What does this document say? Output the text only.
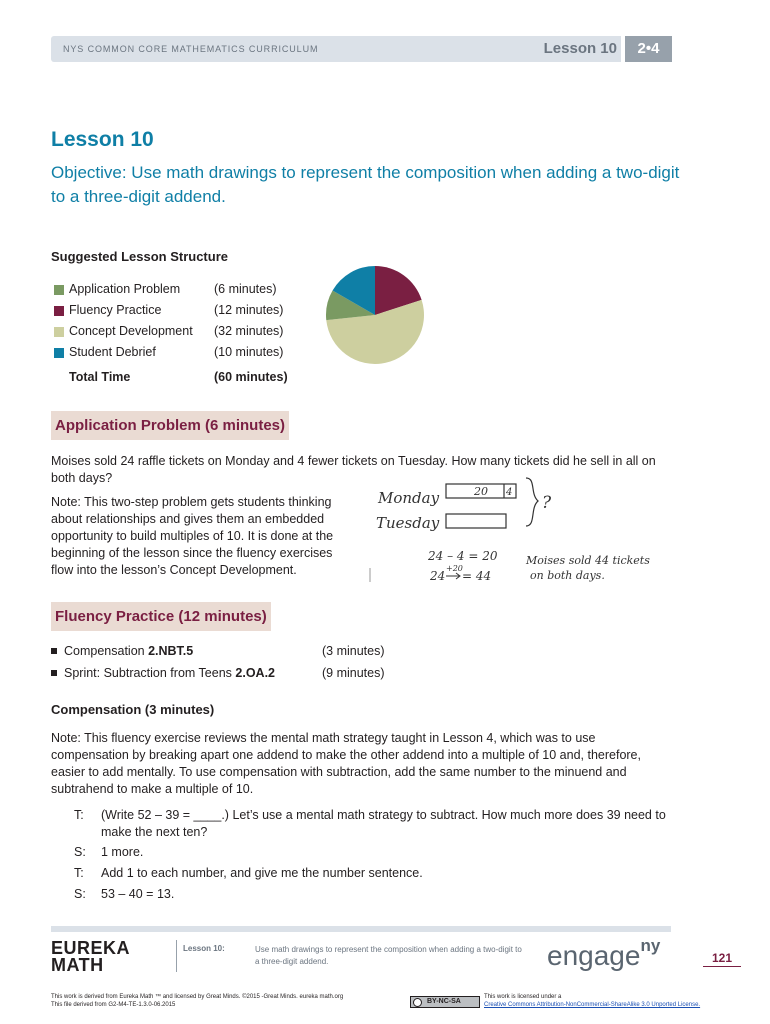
NYS COMMON CORE MATHEMATICS CURRICULUM	Lesson 10	2•4
Lesson 10
Objective: Use math drawings to represent the composition when adding a two-digit to a three-digit addend.
Suggested Lesson Structure
Application Problem	(6 minutes)
Fluency Practice	(12 minutes)
Concept Development (32 minutes)
Student Debrief	(10 minutes)
Total Time	(60 minutes)
Application Problem (6 minutes)
Moises sold 24 raffle tickets on Monday and 4 fewer tickets on Tuesday. How many tickets did he sell in all on both days?
Note: This two-step problem gets students thinking about relationships and gives them an embedded opportunity to build multiples of 10. It is done at the beginning of the lesson since the fluency exercises flow into the lesson’s Concept Development.
Monday
Tuesday
20 4
?
24 – 4 = 20
24
+20
= 44
Moises sold 44 tickets
on both days.
Fluency Practice (12 minutes)
Compensation 2.NBT.5	(3 minutes)
Sprint: Subtraction from Teens 2.OA.2	(9 minutes)
Compensation (3 minutes)
Note: This fluency exercise reviews the mental math strategy taught in Lesson 4, which was to use compensation by breaking apart one addend to make the other addend into a multiple of 10 and, therefore, easier to add mentally. To use compensation with subtraction, add the same number to the minuend and subtrahend to make a multiple of 10.
T: (Write 52 – 39 = ____.) Let’s use a mental math strategy to subtract. How much more does 39 need to make the next ten?
S: 1 more.
T: Add 1 to each number, and give me the number sentence.
S: 53 – 40 = 13.
EUREKA
MATH
Lesson 10:	Use math drawings to represent the composition when adding a two-digit to a three-digit addend.	engage$^{ny}$
121
This work is derived from Eureka Math ™ and licensed by Great Minds. ©2015 -Great Minds. eureka math.org
This file derived from G2-M4-TE-1.3.0-06.2015	BY-NC-SA
This work is licensed under a
Creative Commons Attribution-NonCommercial-ShareAlike 3.0 Unported License.
